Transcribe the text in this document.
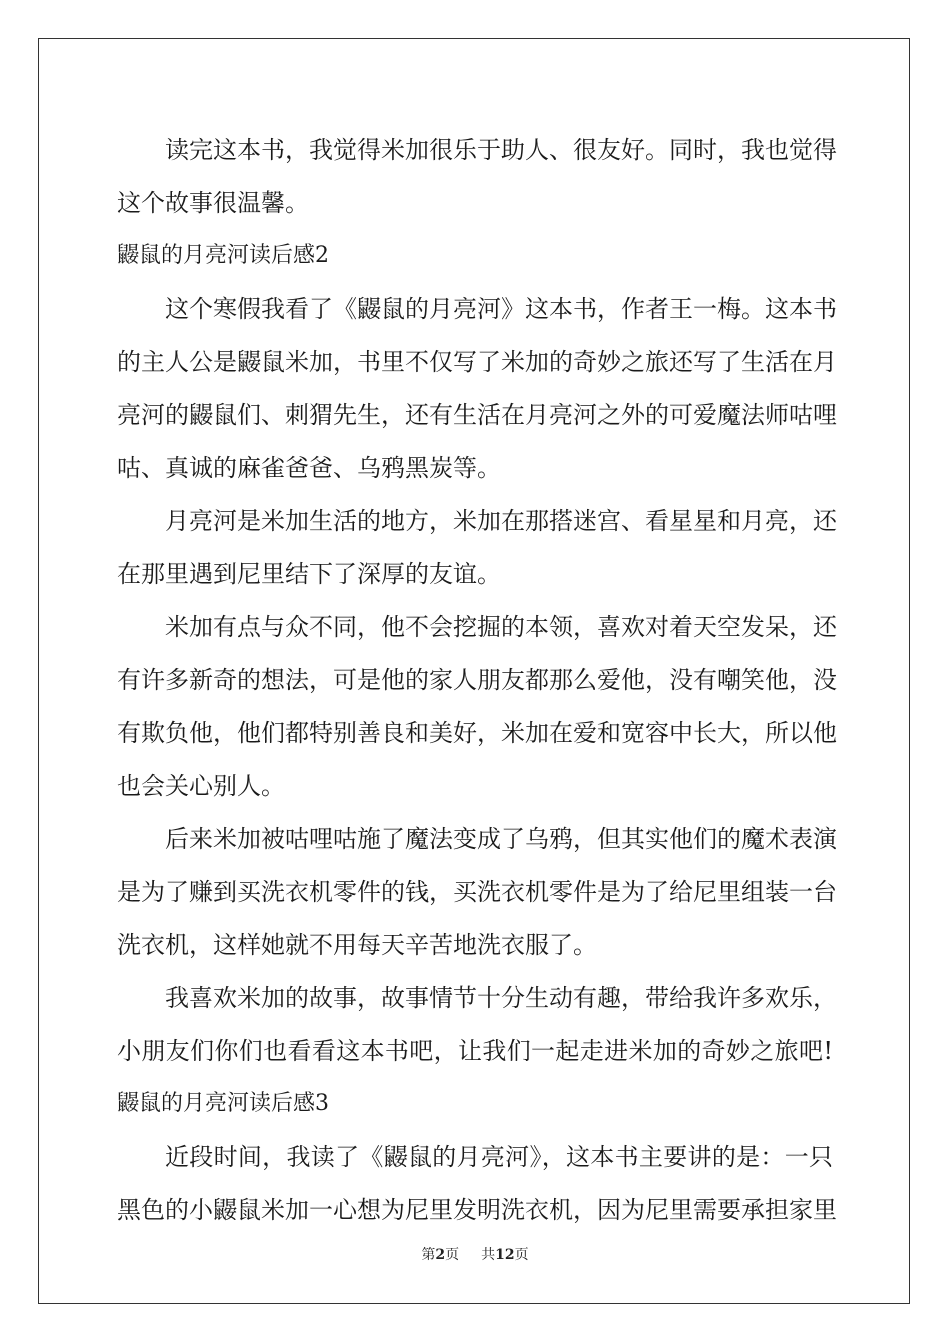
读完这本书，我觉得米加很乐于助人、很友好。同时，我也觉得
这个故事很温馨。
鼹鼠的月亮河读后感2
这个寒假我看了《鼹鼠的月亮河》这本书，作者王一梅。这本书
的主人公是鼹鼠米加，书里不仅写了米加的奇妙之旅还写了生活在月
亮河的鼹鼠们、刺猬先生，还有生活在月亮河之外的可爱魔法师咕哩
咕、真诚的麻雀爸爸、乌鸦黑炭等。
月亮河是米加生活的地方，米加在那搭迷宫、看星星和月亮，还
在那里遇到尼里结下了深厚的友谊。
米加有点与众不同，他不会挖掘的本领，喜欢对着天空发呆，还
有许多新奇的想法，可是他的家人朋友都那么爱他，没有嘲笑他，没
有欺负他，他们都特别善良和美好，米加在爱和宽容中长大，所以他
也会关心别人。
后来米加被咕哩咕施了魔法变成了乌鸦，但其实他们的魔术表演
是为了赚到买洗衣机零件的钱，买洗衣机零件是为了给尼里组装一台
洗衣机，这样她就不用每天辛苦地洗衣服了。
我喜欢米加的故事，故事情节十分生动有趣，带给我许多欢乐，
小朋友们你们也看看这本书吧，让我们一起走进米加的奇妙之旅吧!
鼹鼠的月亮河读后感3
近段时间，我读了《鼹鼠的月亮河》，这本书主要讲的是：一只
黑色的小鼹鼠米加一心想为尼里发明洗衣机，因为尼里需要承担家里
第2页 共12页
